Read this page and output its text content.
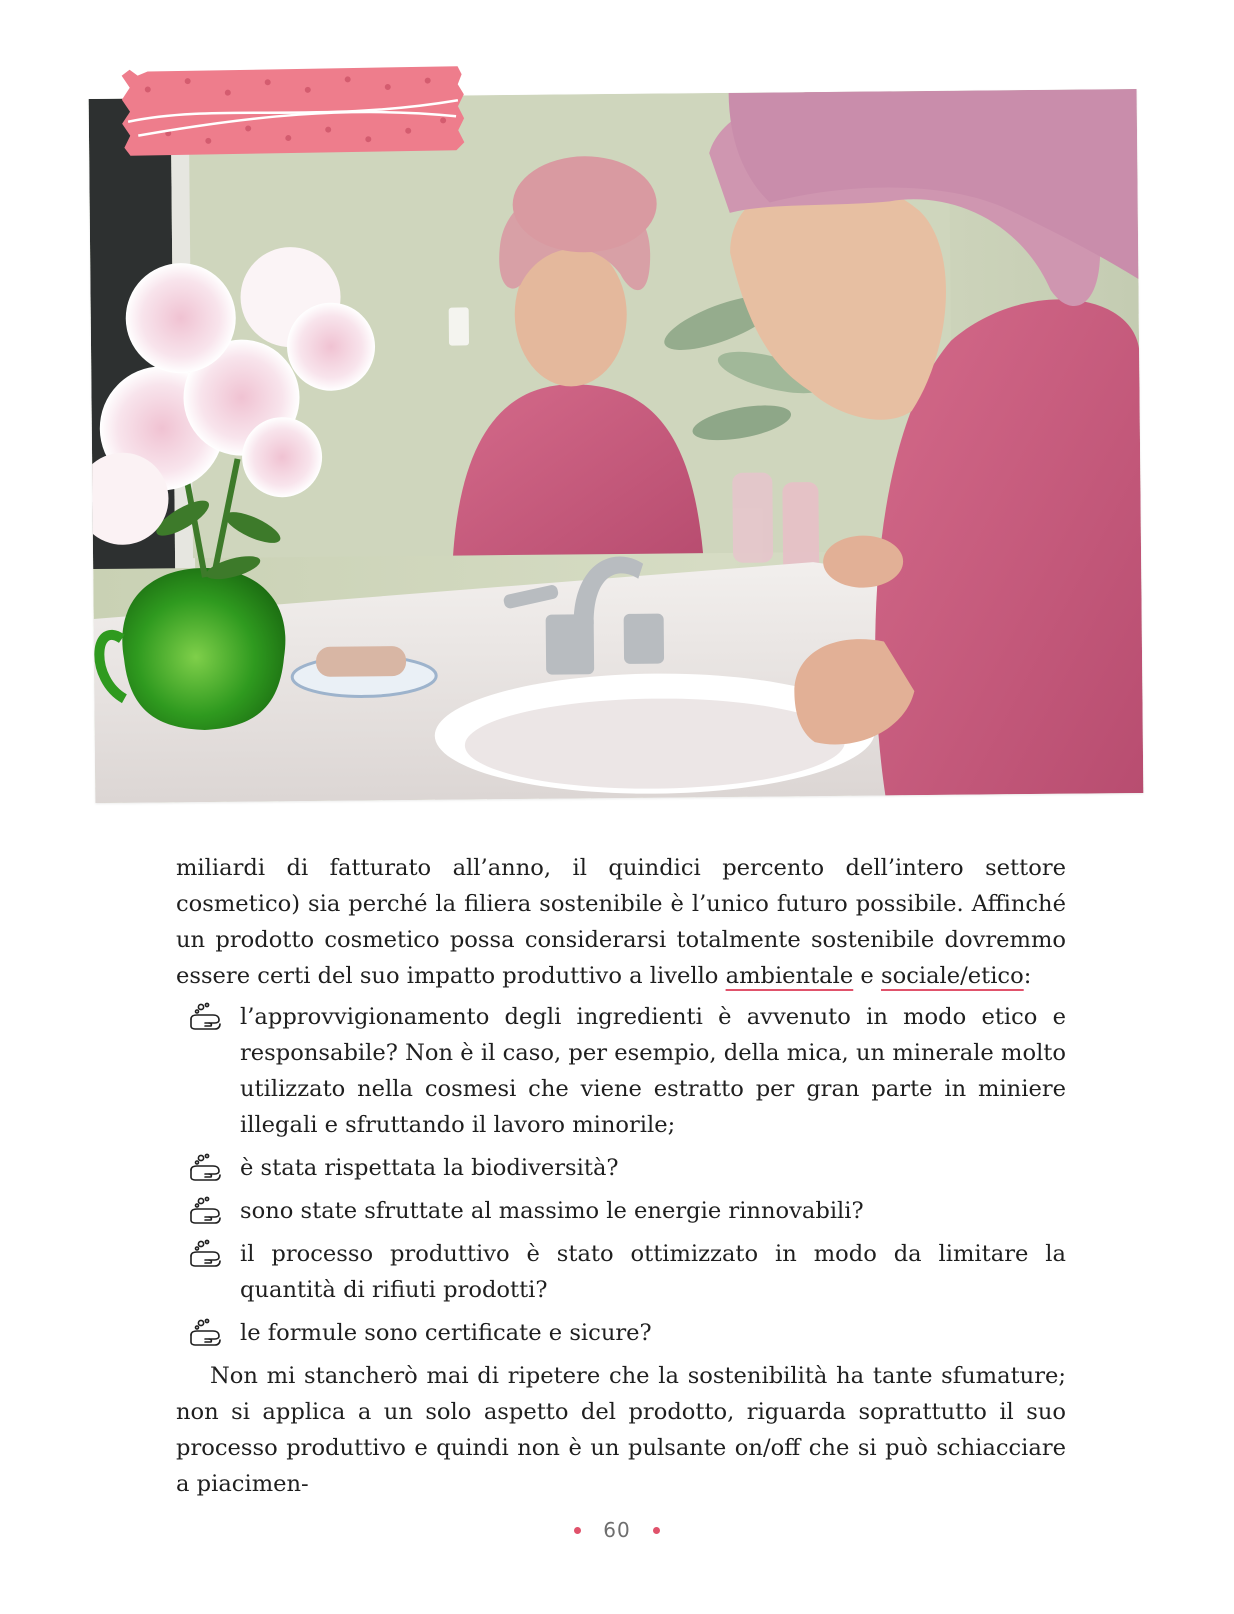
miliardi di fatturato all’anno, il quindici percento dell’intero settore cosmetico) sia perché la filiera sostenibile è l’unico futuro possibile. Affinché un prodotto cosmetico possa considerarsi totalmente sostenibile dovremmo essere certi del suo impatto produttivo a livello ambientale e sociale/etico:

l’approvvigionamento degli ingredienti è avvenuto in modo etico e responsabile? Non è il caso, per esempio, della mica, un minerale molto utilizzato nella cosmesi che viene estratto per gran parte in miniere illegali e sfruttando il lavoro minorile;
è stata rispettata la biodiversità?
sono state sfruttate al massimo le energie rinnovabili?
il processo produttivo è stato ottimizzato in modo da limitare la quantità di rifiuti prodotti?
le formule sono certificate e sicure?

Non mi stancherò mai di ripetere che la sostenibilità ha tante sfumature; non si applica a un solo aspetto del prodotto, riguarda soprattutto il suo processo produttivo e quindi non è un pulsante on/off che si può schiacciare a piacimen-

60
